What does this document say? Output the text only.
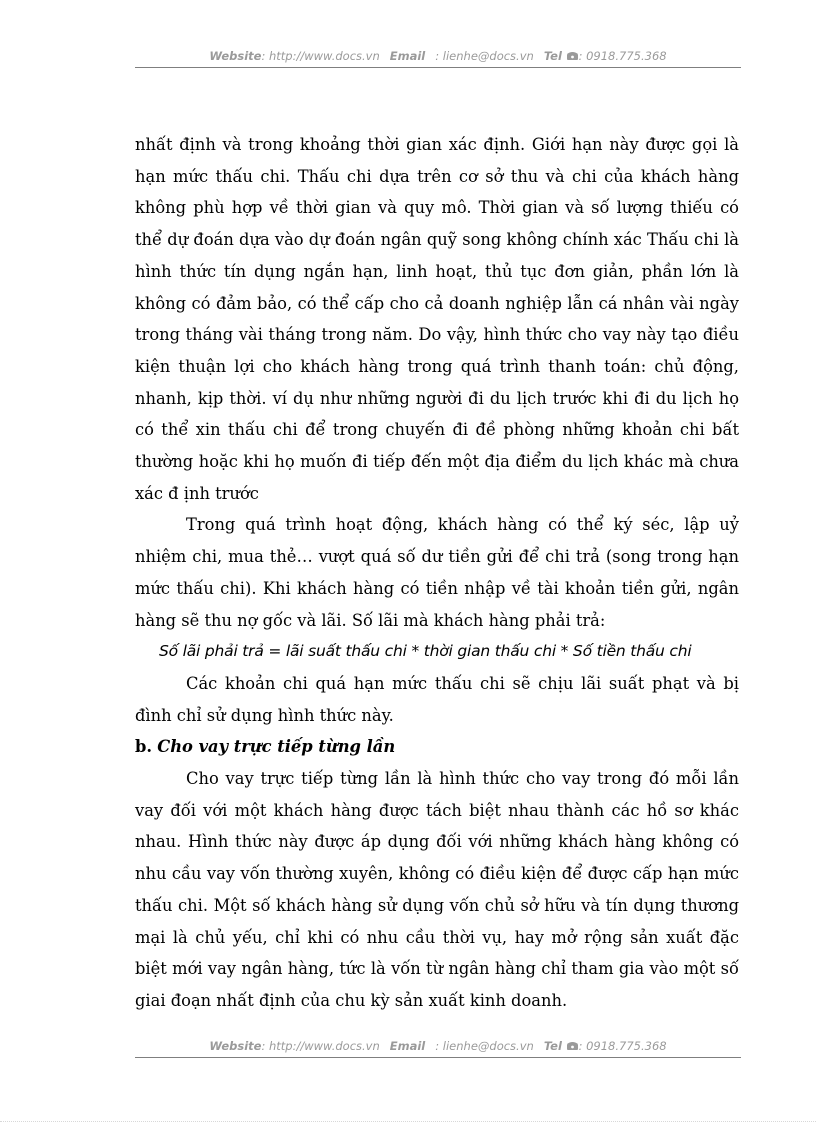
Website: http://www.docs.vn Email : lienhe@docs.vn Tel : 0918.775.368

nhất định và trong khoảng thời gian xác định. Giới hạn này được gọi là hạn mức thấu chi. Thấu chi dựa trên cơ sở thu và chi của khách hàng không phù hợp về thời gian và quy mô. Thời gian và số lượng thiếu có thể dự đoán dựa vào dự đoán ngân quỹ song không chính xác Thấu chi là hình thức tín dụng ngắn hạn, linh hoạt, thủ tục đơn giản, phần lớn là không có đảm bảo, có thể cấp cho cả doanh nghiệp lẫn cá nhân vài ngày trong tháng vài tháng trong năm. Do vậy, hình thức cho vay này tạo điều kiện thuận lợi cho khách hàng trong quá trình thanh toán: chủ động, nhanh, kịp thời. ví dụ như những người đi du lịch trước khi đi du lịch họ có thể xin thấu chi để trong chuyến đi đề phòng những khoản chi bất thường hoặc khi họ muốn đi tiếp đến một địa điểm du lịch khác mà chưa xác đ ịnh trước

Trong quá trình hoạt động, khách hàng có thể ký séc, lập uỷ nhiệm chi, mua thẻ… vượt quá số dư tiền gửi để chi trả (song trong hạn mức thấu chi). Khi khách hàng có tiền nhập về tài khoản tiền gửi, ngân hàng sẽ thu nợ gốc và lãi. Số lãi mà khách hàng phải trả:

Số lãi phải trả = lãi suất thấu chi * thời gian thấu chi * Số tiền thấu chi

Các khoản chi quá hạn mức thấu chi sẽ chịu lãi suất phạt và bị đình chỉ sử dụng hình thức này.

b. Cho vay trực tiếp từng lần

Cho vay trực tiếp từng lần là hình thức cho vay trong đó mỗi lần vay đối với một khách hàng được tách biệt nhau thành các hồ sơ khác nhau. Hình thức này được áp dụng đối với những khách hàng không có nhu cầu vay vốn thường xuyên, không có điều kiện để được cấp hạn mức thấu chi. Một số khách hàng sử dụng vốn chủ sở hữu và tín dụng thương mại là chủ yếu, chỉ khi có nhu cầu thời vụ, hay mở rộng sản xuất đặc biệt mới vay ngân hàng, tức là vốn từ ngân hàng chỉ tham gia vào một số giai đoạn nhất định của chu kỳ sản xuất kinh doanh.

Website: http://www.docs.vn Email : lienhe@docs.vn Tel : 0918.775.368
